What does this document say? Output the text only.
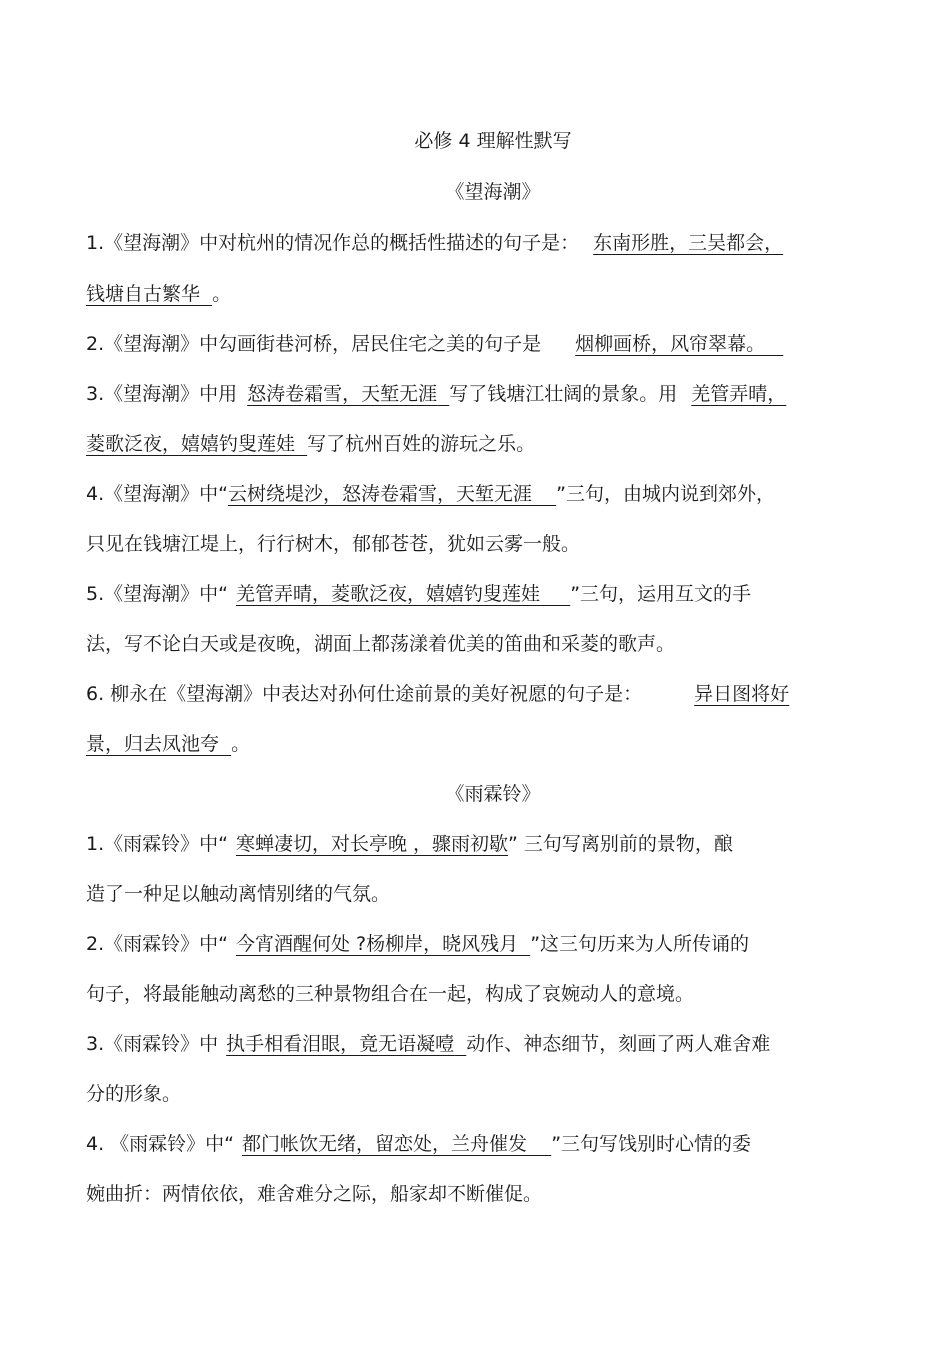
必修 4 理解性默写
《望海潮》
1.《望海潮》中对杭州的情况作总的概括性描述的句子是： 东南形胜，三吴都会，
钱塘自古繁华 。
2.《望海潮》中勾画街巷河桥，居民住宅之美的句子是 烟柳画桥，风帘翠幕。
3.《望海潮》中用 怒涛卷霜雪，天堑无涯 写了钱塘江壮阔的景象。用 羌管弄晴，
菱歌泛夜，嬉嬉钓叟莲娃 写了杭州百姓的游玩之乐。
4.《望海潮》中“云树绕堤沙，怒涛卷霜雪，天堑无涯 ”三句，由城内说到郊外，
只见在钱塘江堤上，行行树木，郁郁苍苍，犹如云雾一般。
5.《望海潮》中“ 羌管弄晴，菱歌泛夜，嬉嬉钓叟莲娃 ”三句，运用互文的手
法，写不论白天或是夜晚，湖面上都荡漾着优美的笛曲和采菱的歌声。
6. 柳永在《望海潮》中表达对孙何仕途前景的美好祝愿的句子是：	异日图将好
景，归去凤池夸 。
《雨霖铃》
1.《雨霖铃》中“ 寒蝉凄切，对长亭晚 ，骤雨初歇” 三句写离别前的景物，酿
造了一种足以触动离情别绪的气氛。
2.《雨霖铃》中“ 今宵酒醒何处 ?杨柳岸，晓风残月 ”这三句历来为人所传诵的
句子，将最能触动离愁的三种景物组合在一起，构成了哀婉动人的意境。
3.《雨霖铃》中 执手相看泪眼，竟无语凝噎 动作、神态细节，刻画了两人难舍难
分的形象。
4. 《雨霖铃》中“ 都门帐饮无绪，留恋处，兰舟催发 ”三句写饯别时心情的委
婉曲折：两情依依，难舍难分之际，船家却不断催促。
